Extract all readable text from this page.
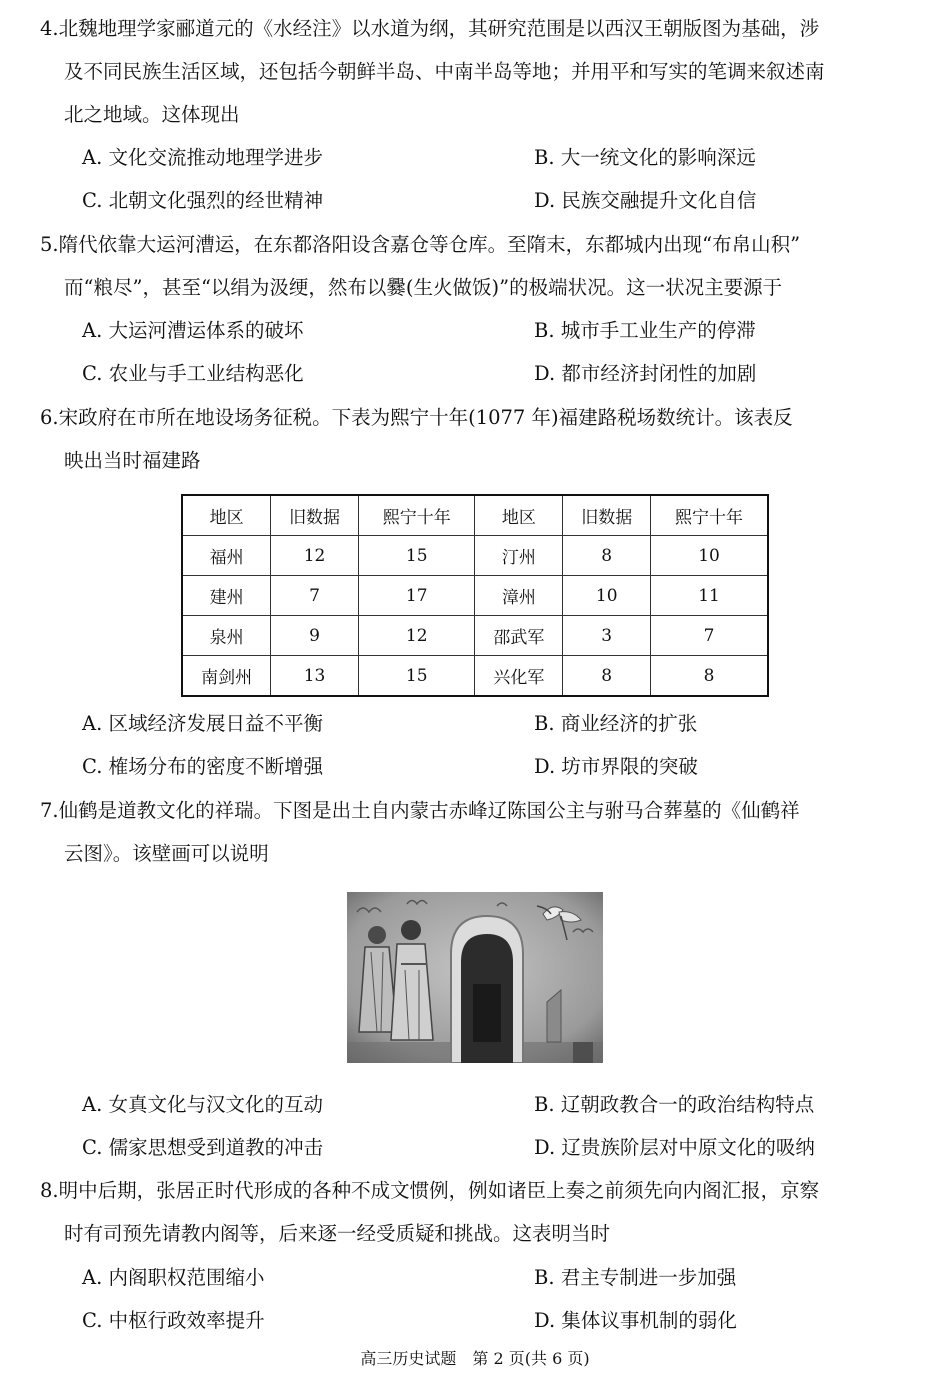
4.北魏地理学家郦道元的《水经注》以水道为纲，其研究范围是以西汉王朝版图为基础，涉
及不同民族生活区域，还包括今朝鲜半岛、中南半岛等地；并用平和写实的笔调来叙述南
北之地域。这体现出
A. 文化交流推动地理学进步	B. 大一统文化的影响深远
C. 北朝文化强烈的经世精神	D. 民族交融提升文化自信
5.隋代依靠大运河漕运，在东都洛阳设含嘉仓等仓库。至隋末，东都城内出现“布帛山积”
而“粮尽”，甚至“以绢为汲绠，然布以爨(生火做饭)”的极端状况。这一状况主要源于
A. 大运河漕运体系的破坏	B. 城市手工业生产的停滞
C. 农业与手工业结构恶化	D. 都市经济封闭性的加剧
6.宋政府在市所在地设场务征税。下表为熙宁十年(1077 年)福建路税场数统计。该表反
映出当时福建路
地区	旧数据	熙宁十年	地区	旧数据	熙宁十年
福州	12	15	汀州	8	10
建州	7	17	漳州	10	11
泉州	9	12	邵武军	3	7
南剑州	13	15	兴化军	8	8
A. 区域经济发展日益不平衡	B. 商业经济的扩张
C. 榷场分布的密度不断增强	D. 坊市界限的突破
7.仙鹤是道教文化的祥瑞。下图是出土自内蒙古赤峰辽陈国公主与驸马合葬墓的《仙鹤祥
云图》。该壁画可以说明
A. 女真文化与汉文化的互动	B. 辽朝政教合一的政治结构特点
C. 儒家思想受到道教的冲击	D. 辽贵族阶层对中原文化的吸纳
8.明中后期，张居正时代形成的各种不成文惯例，例如诸臣上奏之前须先向内阁汇报，京察
时有司预先请教内阁等，后来逐一经受质疑和挑战。这表明当时
A. 内阁职权范围缩小	B. 君主专制进一步加强
C. 中枢行政效率提升	D. 集体议事机制的弱化
高三历史试题　第 2 页(共 6 页)
